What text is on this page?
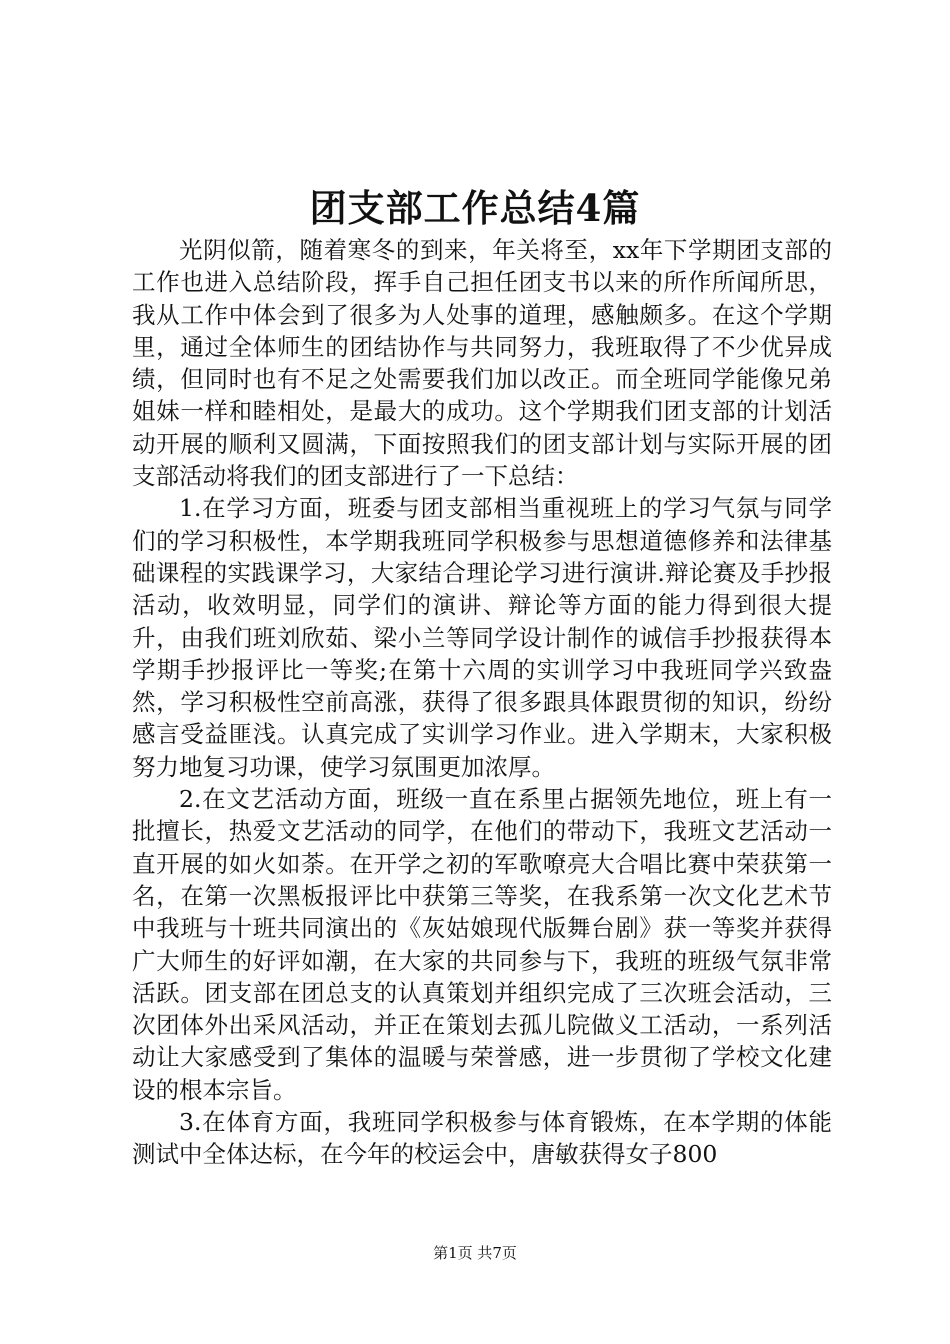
团支部工作总结4篇

光阴似箭，随着寒冬的到来，年关将至，xx年下学期团支部的工作也进入总结阶段，挥手自己担任团支书以来的所作所闻所思，我从工作中体会到了很多为人处事的道理，感触颇多。在这个学期里，通过全体师生的团结协作与共同努力，我班取得了不少优异成绩，但同时也有不足之处需要我们加以改正。而全班同学能像兄弟姐妹一样和睦相处，是最大的成功。这个学期我们团支部的计划活动开展的顺利又圆满，下面按照我们的团支部计划与实际开展的团支部活动将我们的团支部进行了一下总结：

1.在学习方面，班委与团支部相当重视班上的学习气氛与同学们的学习积极性，本学期我班同学积极参与思想道德修养和法律基础课程的实践课学习，大家结合理论学习进行演讲.辩论赛及手抄报活动，收效明显，同学们的演讲、辩论等方面的能力得到很大提升，由我们班刘欣茹、梁小兰等同学设计制作的诚信手抄报获得本学期手抄报评比一等奖;在第十六周的实训学习中我班同学兴致盎然，学习积极性空前高涨，获得了很多跟具体跟贯彻的知识，纷纷感言受益匪浅。认真完成了实训学习作业。进入学期末，大家积极努力地复习功课，使学习氛围更加浓厚。

2.在文艺活动方面，班级一直在系里占据领先地位，班上有一批擅长，热爱文艺活动的同学，在他们的带动下，我班文艺活动一直开展的如火如荼。在开学之初的军歌嘹亮大合唱比赛中荣获第一名，在第一次黑板报评比中获第三等奖，在我系第一次文化艺术节中我班与十班共同演出的《灰姑娘现代版舞台剧》获一等奖并获得广大师生的好评如潮，在大家的共同参与下，我班的班级气氛非常活跃。团支部在团总支的认真策划并组织完成了三次班会活动，三次团体外出采风活动，并正在策划去孤儿院做义工活动，一系列活动让大家感受到了集体的温暖与荣誉感，进一步贯彻了学校文化建设的根本宗旨。

3.在体育方面，我班同学积极参与体育锻炼，在本学期的体能测试中全体达标，在今年的校运会中，唐敏获得女子800

第1页 共7页
